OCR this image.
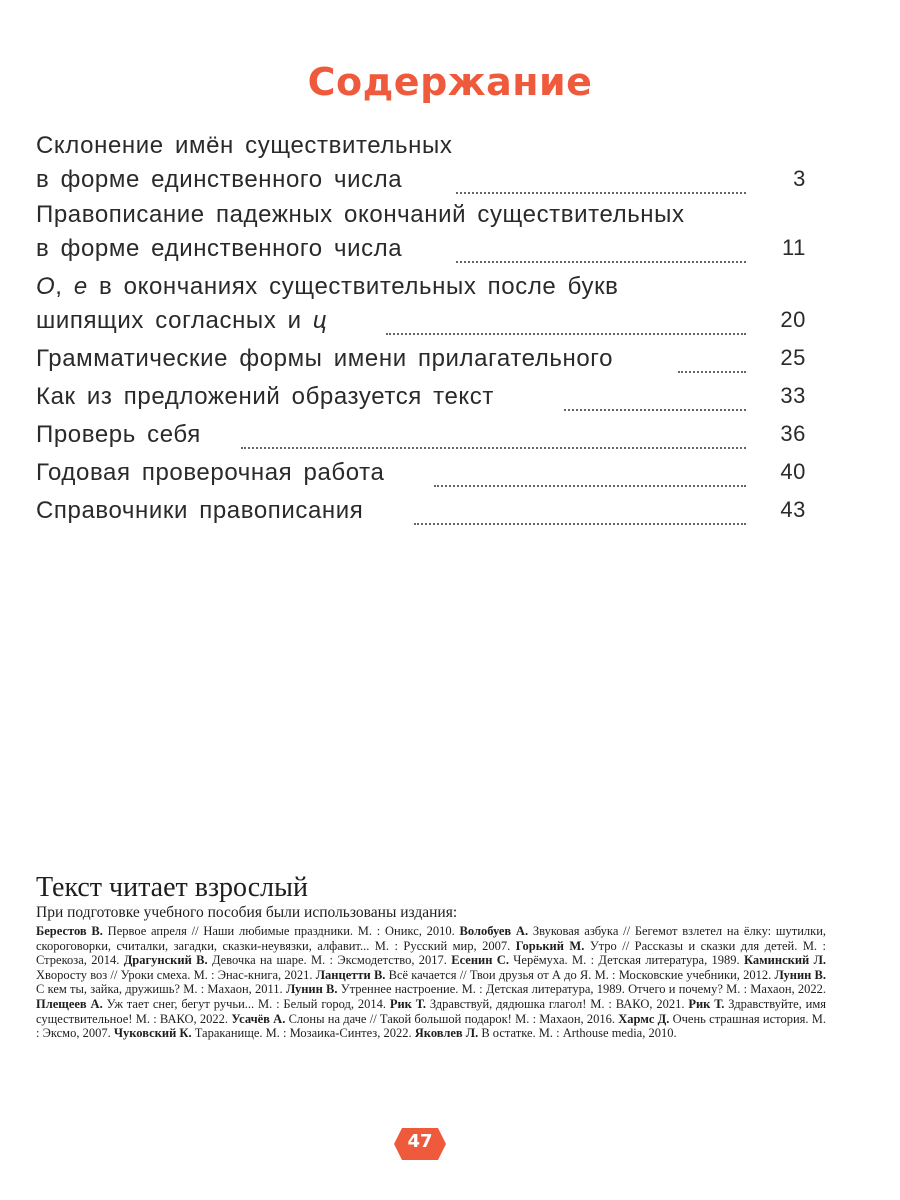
Содержание
Склонение имён существительных
в форме единственного числа	3
Правописание падежных окончаний существительных
в форме единственного числа	11
О, е в окончаниях существительных после букв
шипящих согласных и ц	20
Грамматические формы имени прилагательного	25
Как из предложений образуется текст	33
Проверь себя	36
Годовая проверочная работа	40
Справочники правописания	43
Текст читает взрослый
При подготовке учебного пособия были использованы издания:
Берестов В. Первое апреля // Наши любимые праздники. М. : Оникс, 2010. Волобуев А. Звуковая азбука // Бегемот взлетел на ёлку: шутилки, скороговорки, считалки, загадки, сказки-неувязки, алфавит... М. : Русский мир, 2007. Горький М. Утро // Рассказы и сказки для детей. М. : Стрекоза, 2014. Драгунский В. Девочка на шаре. М. : Эксмодетство, 2017. Есенин С. Черёмуха. М. : Детская литература, 1989. Каминский Л. Хворосту воз // Уроки смеха. М. : Энас-книга, 2021. Ланцетти В. Всё качается // Твои друзья от А до Я. М. : Московские учебники, 2012. Лунин В. С кем ты, зайка, дружишь? М. : Махаон, 2011. Лунин В. Утреннее настроение. М. : Детская литература, 1989. Отчего и почему? М. : Махаон, 2022. Плещеев А. Уж тает снег, бегут ручьи... М. : Белый город, 2014. Рик Т. Здравствуй, дядюшка глагол! М. : ВАКО, 2021. Рик Т. Здравствуйте, имя существительное! М. : ВАКО, 2022. Усачёв А. Слоны на даче // Такой большой подарок! М. : Махаон, 2016. Хармс Д. Очень страшная история. М. : Эксмо, 2007. Чуковский К. Тараканище. М. : Мозаика-Синтез, 2022. Яковлев Л. В остатке. М. : Arthouse media, 2010.
47
